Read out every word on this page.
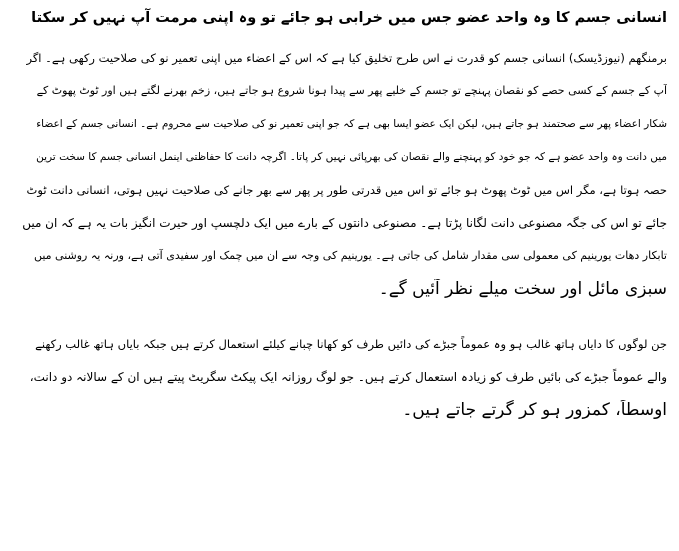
انسانی جسم کا وہ واحد عضو جس میں خرابی ہو جائے تو وہ اپنی مرمت آپ نہیں کر سکتا
برمنگھم (نیوزڈیسک) انسانی جسم کو قدرت نے اس طرح تخلیق کیا ہے کہ اس کے اعضاء میں اپنی تعمیر نو کی صلاحیت رکھی ہے۔ اگر
آپ کے جسم کے کسی حصے کو نقصان پہنچے تو جسم کے خلیے پھر سے پیدا ہونا شروع ہو جاتے ہیں، زخم بھرنے لگتے ہیں اور ٹوٹ پھوٹ کے
شکار اعضاء پھر سے صحتمند ہو جاتے ہیں، لیکن ایک عضو ایسا بھی ہے کہ جو اپنی تعمیر نو کی صلاحیت سے محروم ہے۔ انسانی جسم کے اعضاء
میں دانت وہ واحد عضو ہے کہ جو خود کو پہنچنے والے نقصان کی بھرپائی نہیں کر پاتا۔ اگرچہ دانت کا حفاظتی اینمل انسانی جسم کا سخت ترین
حصہ ہوتا ہے، مگر اس میں ٹوٹ پھوٹ ہو جائے تو اس میں قدرتی طور پر پھر سے بھر جانے کی صلاحیت نہیں ہوتی، انسانی دانت ٹوٹ
جائے تو اس کی جگہ مصنوعی دانت لگانا پڑتا ہے۔ مصنوعی دانتوں کے بارے میں ایک دلچسپ اور حیرت انگیز بات یہ ہے کہ ان میں
تابکار دھات یورینیم کی معمولی سی مقدار شامل کی جاتی ہے۔ یورینیم کی وجہ سے ان میں چمک اور سفیدی آتی ہے، ورنہ یہ روشنی میں
سبزی مائل اور سخت میلے نظر آئیں گے۔
جن لوگوں کا دایاں ہاتھ غالب ہو وہ عموماً جبڑے کی دائیں طرف کو کھانا چبانے کیلئے استعمال کرتے ہیں جبکہ بایاں ہاتھ غالب رکھنے
والے عموماً جبڑے کی بائیں طرف کو زیادہ استعمال کرتے ہیں۔ جو لوگ روزانہ ایک پیکٹ سگریٹ پیتے ہیں ان کے سالانہ دو دانت،
اوسطاً، کمزور ہو کر گرتے جاتے ہیں۔
